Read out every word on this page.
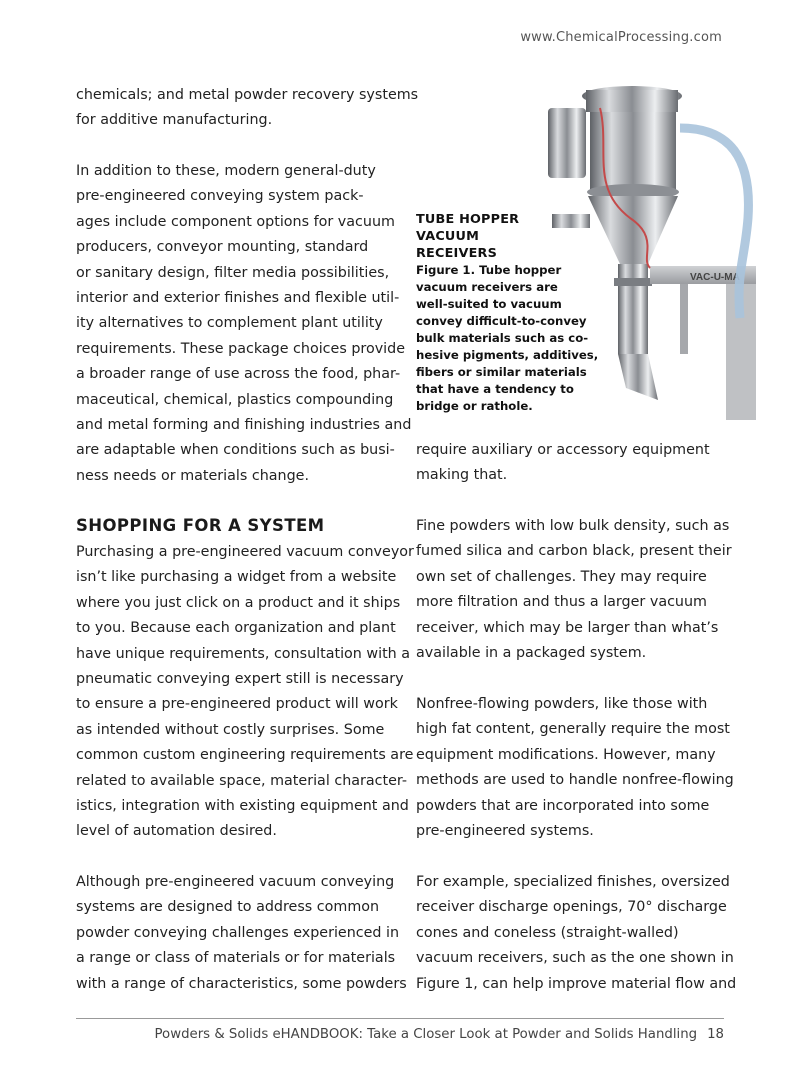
www.ChemicalProcessing.com
chemicals; and metal powder recovery systems
for additive manufacturing.
In addition to these, modern general-duty
pre-engineered conveying system pack-
ages include component options for vacuum
producers, conveyor mounting, standard
or sanitary design, filter media possibilities,
interior and exterior finishes and flexible util-
ity alternatives to complement plant utility
requirements. These package choices provide
a broader range of use across the food, phar-
maceutical, chemical, plastics compounding
and metal forming and finishing industries and
are adaptable when conditions such as busi-
ness needs or materials change.
SHOPPING FOR A SYSTEM
Purchasing a pre-engineered vacuum conveyor
isn’t like purchasing a widget from a website
where you just click on a product and it ships
to you. Because each organization and plant
have unique requirements, consultation with a
pneumatic conveying expert still is necessary
to ensure a pre-engineered product will work
as intended without costly surprises. Some
common custom engineering requirements are
related to available space, material character-
istics, integration with existing equipment and
level of automation desired.
Although pre-engineered vacuum conveying
systems are designed to address common
powder conveying challenges experienced in
a range or class of materials or for materials
with a range of characteristics, some powders
VAC-U-MA
TUBE HOPPER
VACUUM
RECEIVERS
Figure 1. Tube hopper
vacuum receivers are
well-suited to vacuum
convey difficult-to-convey
bulk materials such as co-
hesive pigments, additives,
fibers or similar materials
that have a tendency to
bridge or rathole.
require auxiliary or accessory equipment
making that.
Fine powders with low bulk density, such as
fumed silica and carbon black, present their
own set of challenges. They may require
more filtration and thus a larger vacuum
receiver, which may be larger than what’s
available in a packaged system.
Nonfree-flowing powders, like those with
high fat content, generally require the most
equipment modifications. However, many
methods are used to handle nonfree-flowing
powders that are incorporated into some
pre-engineered systems.
For example, specialized finishes, oversized
receiver discharge openings, 70° discharge
cones and coneless (straight-walled)
vacuum receivers, such as the one shown in
Figure 1, can help improve material flow and
Powders & Solids eHANDBOOK: Take a Closer Look at Powder and Solids Handling 18
